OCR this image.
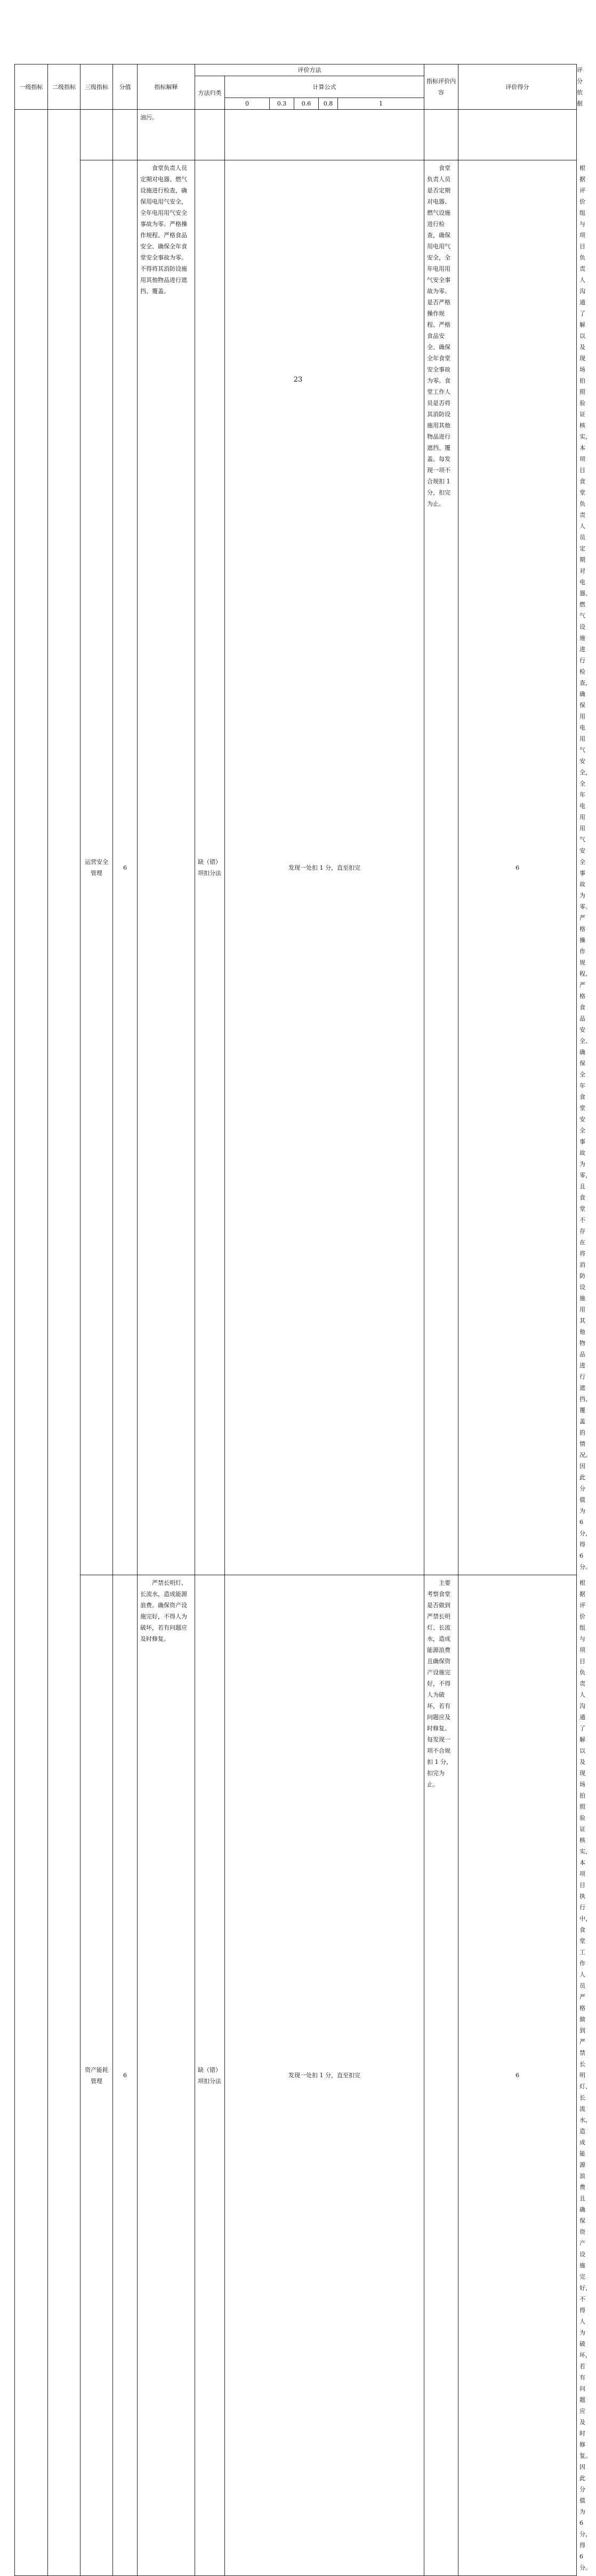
一级指标	二级指标	三级指标	分值	指标解释	评价方法						指标评价内容	评价得分	评分依据
					方法归类	计算公式							
						0	0.3	0.6	0.8	1			
				油污。									
		运营安全管理	6	食堂负责人员定期对电器、燃气设施进行检查，确保用电用气安全，全年电用用气安全事故为零。严格操作规程、严格食品安全、确保全年食堂安全事故为零。不得将其消防设施用其他物品进行遮挡、覆盖。	缺（错）项扣分法	发现一处扣 1 分，直至扣完					食堂负责人员是否定期对电器、燃气设施进行检查，确保用电用气安全，全年电用用气安全事故为零。是否严格操作规程、严格食品安全、确保全年食堂安全事故为零。食堂工作人员是否将其消防设施用其他物品进行遮挡、覆盖。每发现一项不合规扣 1 分，扣完为止。	6	根据评价组与项目负责人沟通了解以及现场拍照验证核实，本项目食堂负责人员定期对电器、燃气设施进行检查，确保用电用气安全，全年电用用气安全事故为零。严格操作规程、严格食品安全、确保全年食堂安全事故为零，且食堂不存在将消防设施用其他物品进行遮挡、覆盖的情况。因此分值为 6 分，得 6 分。
		资产能耗管理	6	严禁长明灯、长流水，造成能源浪费。确保资产设施完好，不得人为破坏，若有问题应及时修复。	缺（错）项扣分法	发现一处扣 1 分，直至扣完					主要考察食堂是否做到严禁长明灯、长流水，造成能源浪费且确保资产设施完好，不得人为破坏，若有问题应及时修复。每发现一项不合规扣 1 分，扣完为止。	6	根据评价组与项目负责人沟通了解以及现场拍照验证核实，本项目执行中，食堂工作人员严格做到严禁长明灯、长流水，造成能源浪费且确保资产设施完好，不得人为破坏，若有问题应及时修复。因此分值为 6 分，得 6 分。
23
